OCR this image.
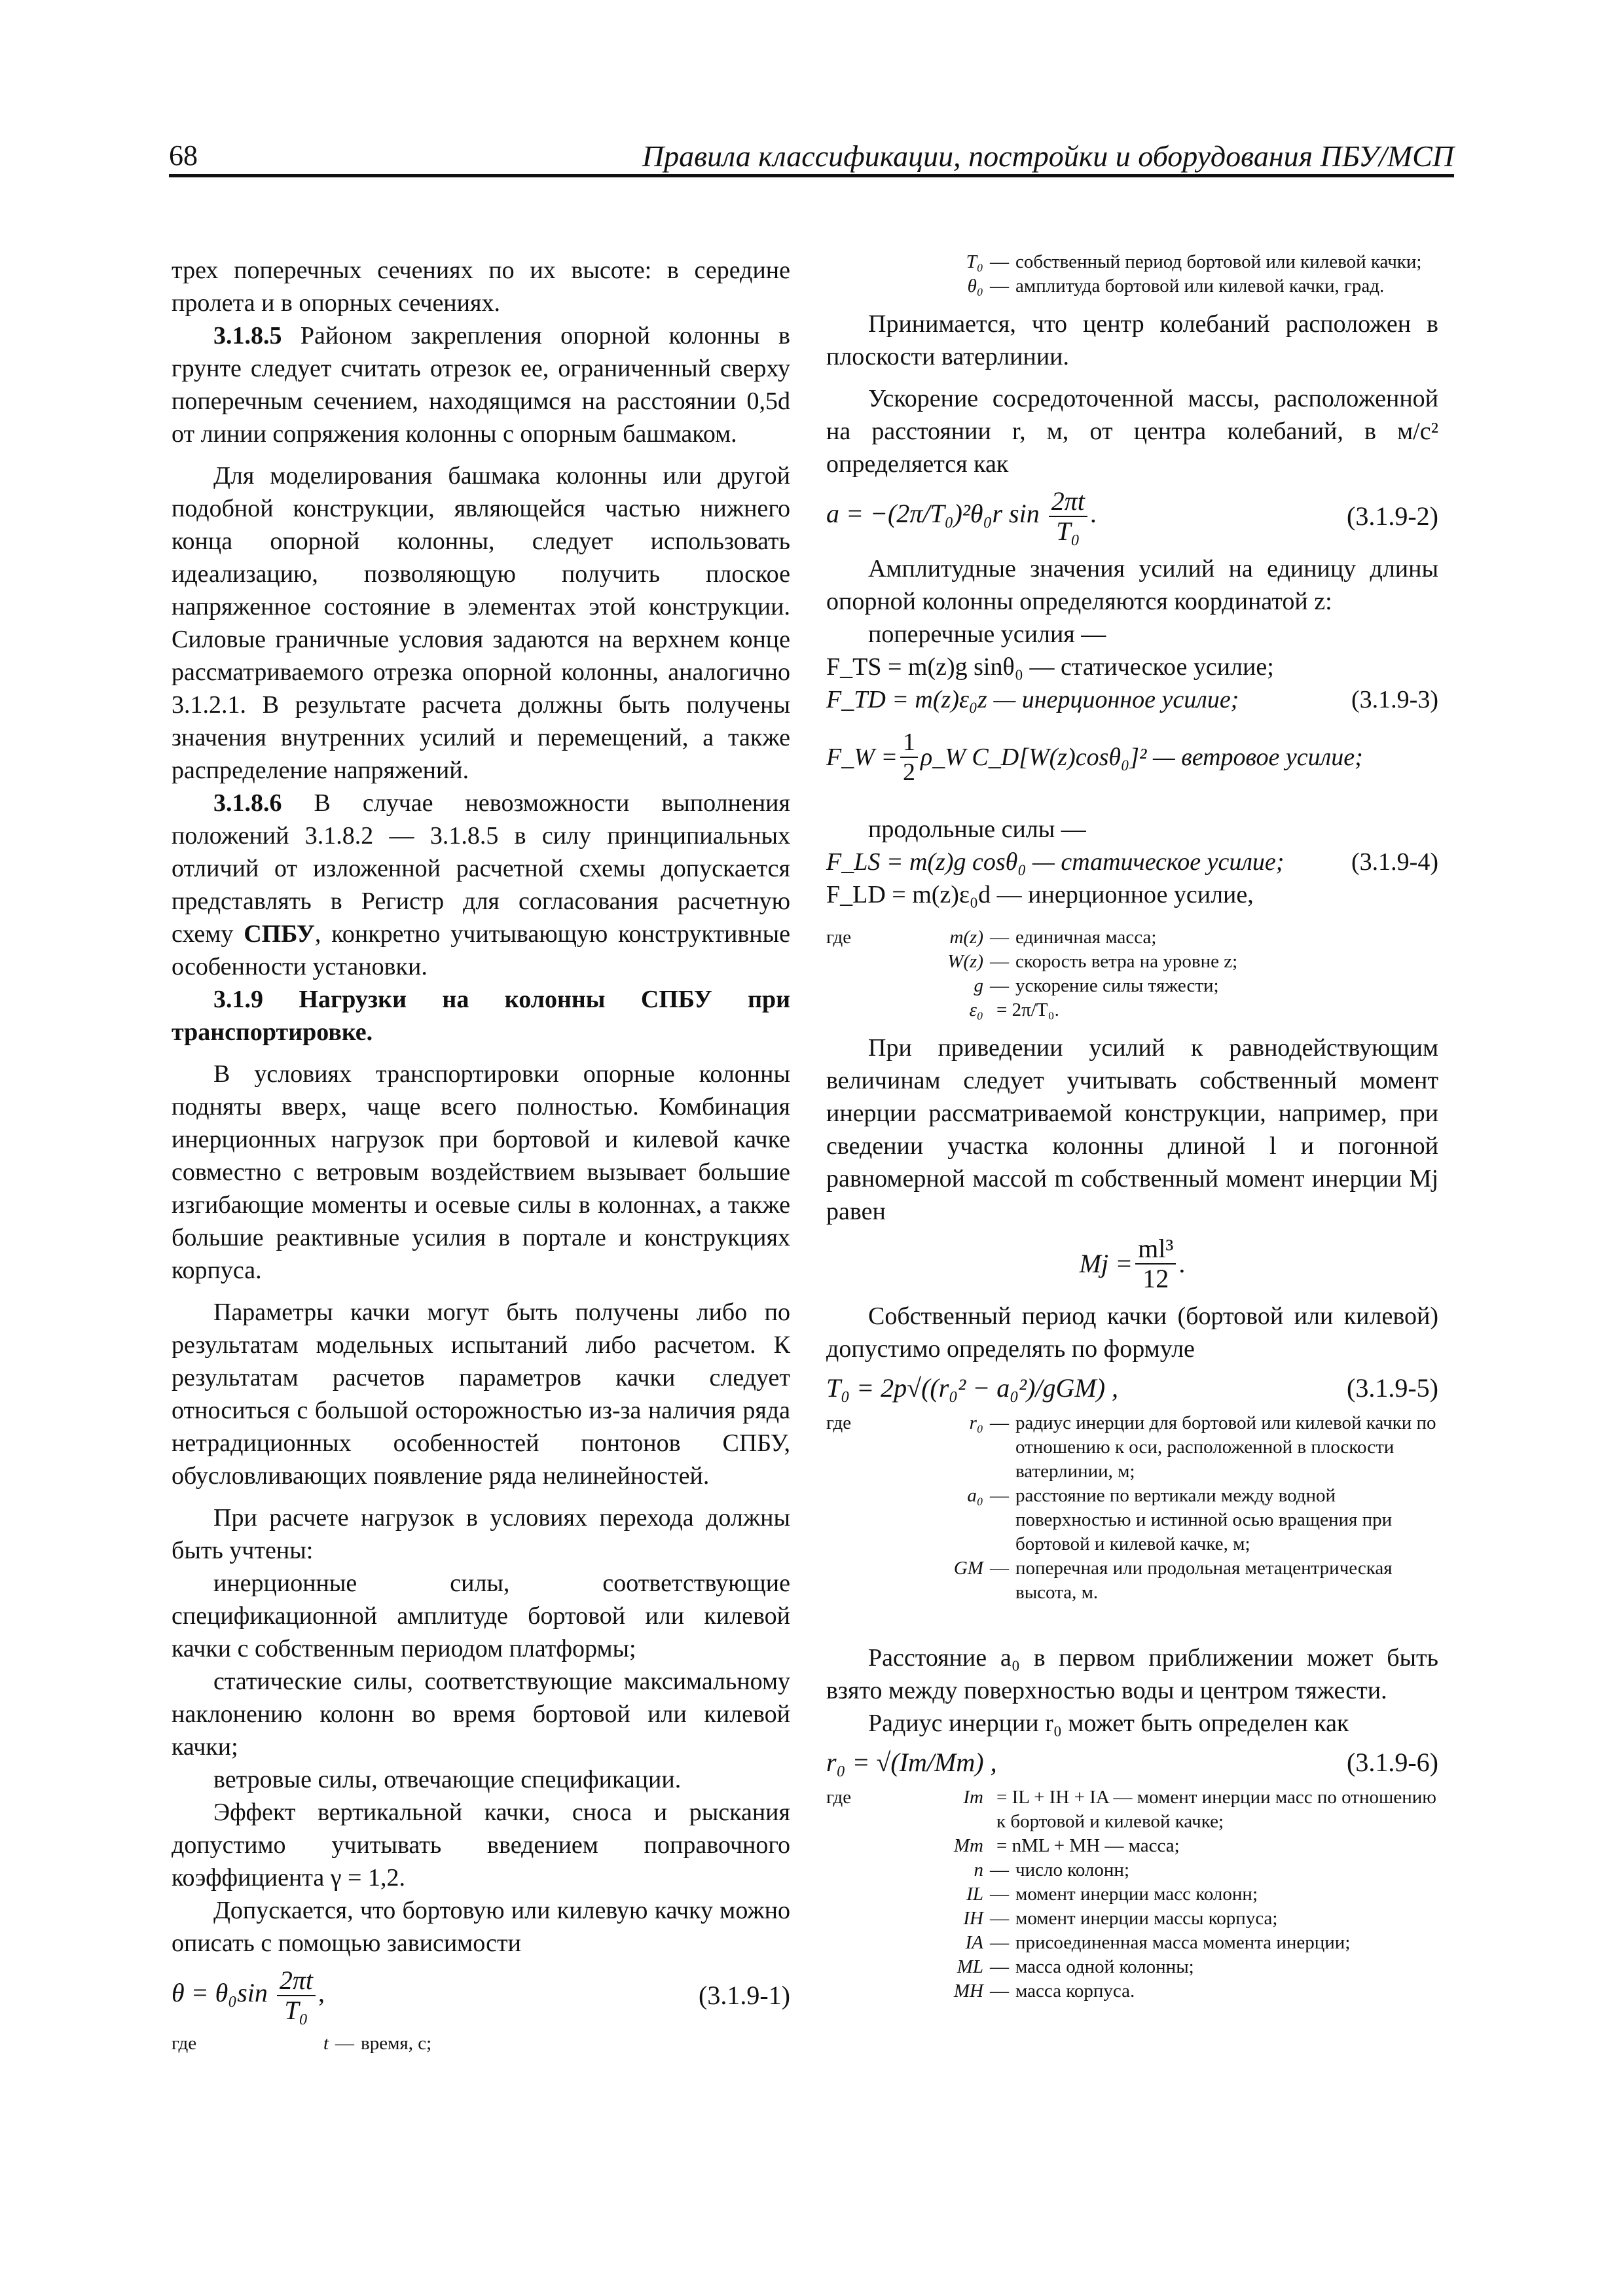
68	Правила классификации, постройки и оборудования ПБУ/МСП

трех поперечных сечениях по их высоте: в середине пролета и в опорных сечениях.

3.1.8.5 Районом закрепления опорной колонны в грунте следует считать отрезок ее, ограниченный сверху поперечным сечением, находящимся на расстоянии 0,5d от линии сопряжения колонны с опорным башмаком.

Для моделирования башмака колонны или другой подобной конструкции, являющейся частью нижнего конца опорной колонны, следует использовать идеализацию, позволяющую получить плоское напряженное состояние в элементах этой конструкции. Силовые граничные условия задаются на верхнем конце рассматриваемого отрезка опорной колонны, аналогично 3.1.2.1. В результате расчета должны быть получены значения внутренних усилий и перемещений, а также распределение напряжений.

3.1.8.6 В случае невозможности выполнения положений 3.1.8.2 — 3.1.8.5 в силу принципиальных отличий от изложенной расчетной схемы допускается представлять в Регистр для согласования расчетную схему СПБУ, конкретно учитывающую конструктивные особенности установки.

3.1.9 Нагрузки на колонны СПБУ при транспортировке.

В условиях транспортировки опорные колонны подняты вверх, чаще всего полностью. Комбинация инерционных нагрузок при бортовой и килевой качке совместно с ветровым воздействием вызывает большие изгибающие моменты и осевые силы в колоннах, а также большие реактивные усилия в портале и конструкциях корпуса.

Параметры качки могут быть получены либо по результатам модельных испытаний либо расчетом. К результатам расчетов параметров качки следует относиться с большой осторожностью из-за наличия ряда нетрадиционных особенностей понтонов СПБУ, обусловливающих появление ряда нелинейностей.

При расчете нагрузок в условиях перехода должны быть учтены:

инерционные силы, соответствующие спецификационной амплитуде бортовой или килевой качки с собственным периодом платформы;

статические силы, соответствующие максимальному наклонению колонн во время бортовой или килевой качки;

ветровые силы, отвечающие спецификации.

Эффект вертикальной качки, сноса и рыскания допустимо учитывать введением поправочного коэффициента γ = 1,2.

Допускается, что бортовую или килевую качку можно описать с помощью зависимости

$\theta = \theta_0\sin \frac{2\pi t}{\text{T₀}}$ ,	(3.1.9-1)
где	t — время, с;
T₀ — собственный период бортовой или килевой качки;
θ₀ — амплитуда бортовой или килевой качки, град.

Принимается, что центр колебаний расположен в плоскости ватерлинии.

Ускорение сосредоточенной массы, расположенной на расстоянии r, м, от центра колебаний, в м/с² определяется как

a = −(2π/T₀)²θ₀r $\sin \frac{2\pi t}{\text{T₀}}$ .	(3.1.9-2)

Амплитудные значения усилий на единицу длины опорной колонны определяются координатой z:

поперечные усилия —

F_TS = m(z)g sinθ₀ — статическое усилие;
F_TD = m(z)ε₀z — инерционное усилие;	(3.1.9-3)
F_W = $\frac{1}{2}$ ρ_W C_D[W(z)cosθ₀]² — ветровое усилие;

продольные силы —

F_LS = m(z)g cosθ₀ — статическое усилие;	(3.1.9-4)
F_LD = m(z)ε₀d — инерционное усилие,
где	m(z) — единичная масса;
W(z) — скорость ветра на уровне z;
g — ускорение силы тяжести;
ε₀ = 2π/T₀.

При приведении усилий к равнодействующим величинам следует учитывать собственный момент инерции рассматриваемой конструкции, например, при сведении участка колонны длиной l и погонной равномерной массой m собственный момент инерции Mj равен

$Mj = \frac{\text{ml³}}{12}$ .

Собственный период качки (бортовой или килевой) допустимо определять по формуле

T₀ = 2p√((r₀² − a₀²)/gGM) ,	(3.1.9-5)
где	r₀ — радиус инерции для бортовой или килевой качки по отношению к оси, расположенной в плоскости ватерлинии, м;
a₀ — расстояние по вертикали между водной поверхностью и истинной осью вращения при бортовой и килевой качке, м;
GM — поперечная или продольная метацентрическая высота, м.

Расстояние a₀ в первом приближении может быть взято между поверхностью воды и центром тяжести.

Радиус инерции r₀ может быть определен как

r₀ = √(Im/Mm) ,	(3.1.9-6)
где	Im = IL + IH + IA — момент инерции масс по отношению к бортовой и килевой качке;
Mm = nML + MH — масса;
n — число колонн;
IL — момент инерции масс колонн;
IH — момент инерции массы корпуса;
IA — присоединенная масса момента инерции;
ML — масса одной колонны;
MH — масса корпуса.
